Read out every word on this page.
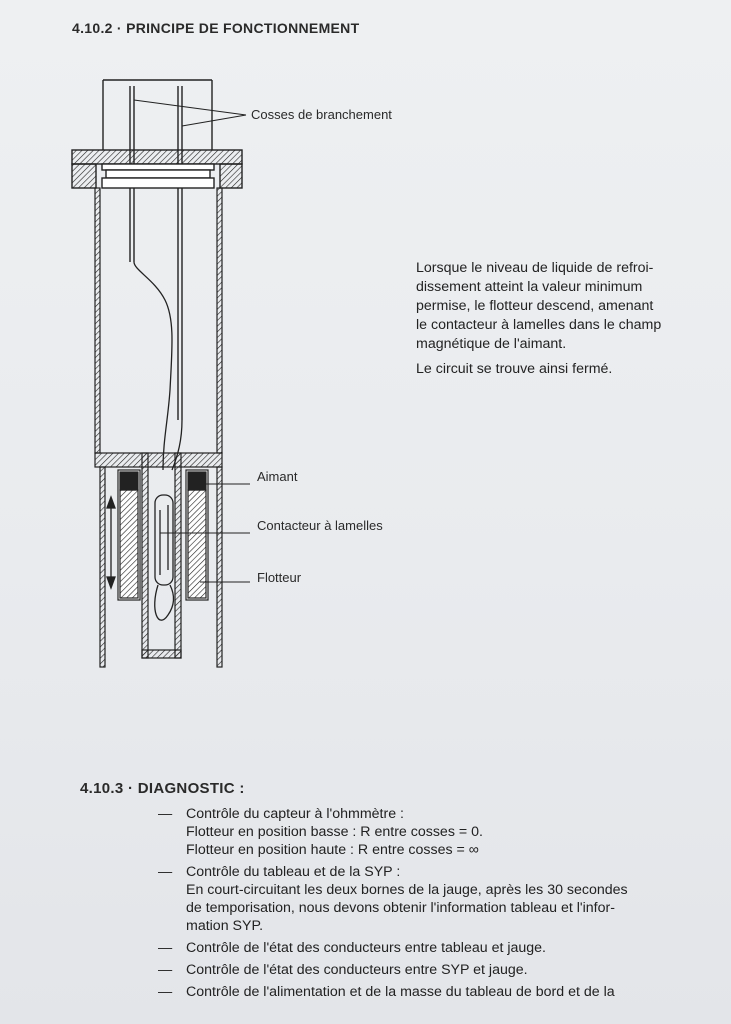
4.10.2 · PRINCIPE DE FONCTIONNEMENT
Cosses de branchement
Aimant
Contacteur à lamelles
Flotteur
Lorsque le niveau de liquide de refroi-
dissement atteint la valeur minimum
permise, le flotteur descend, amenant
le contacteur à lamelles dans le champ
magnétique de l'aimant.
Le circuit se trouve ainsi fermé.
4.10.3 · DIAGNOSTIC :
— Contrôle du capteur à l'ohmmètre :
Flotteur en position basse : R entre cosses = 0.
Flotteur en position haute : R entre cosses = ∞
— Contrôle du tableau et de la SYP :
En court-circuitant les deux bornes de la jauge, après les 30 secondes
de temporisation, nous devons obtenir l'information tableau et l'infor-
mation SYP.
— Contrôle de l'état des conducteurs entre tableau et jauge.
— Contrôle de l'état des conducteurs entre SYP et jauge.
— Contrôle de l'alimentation et de la masse du tableau de bord et de la
